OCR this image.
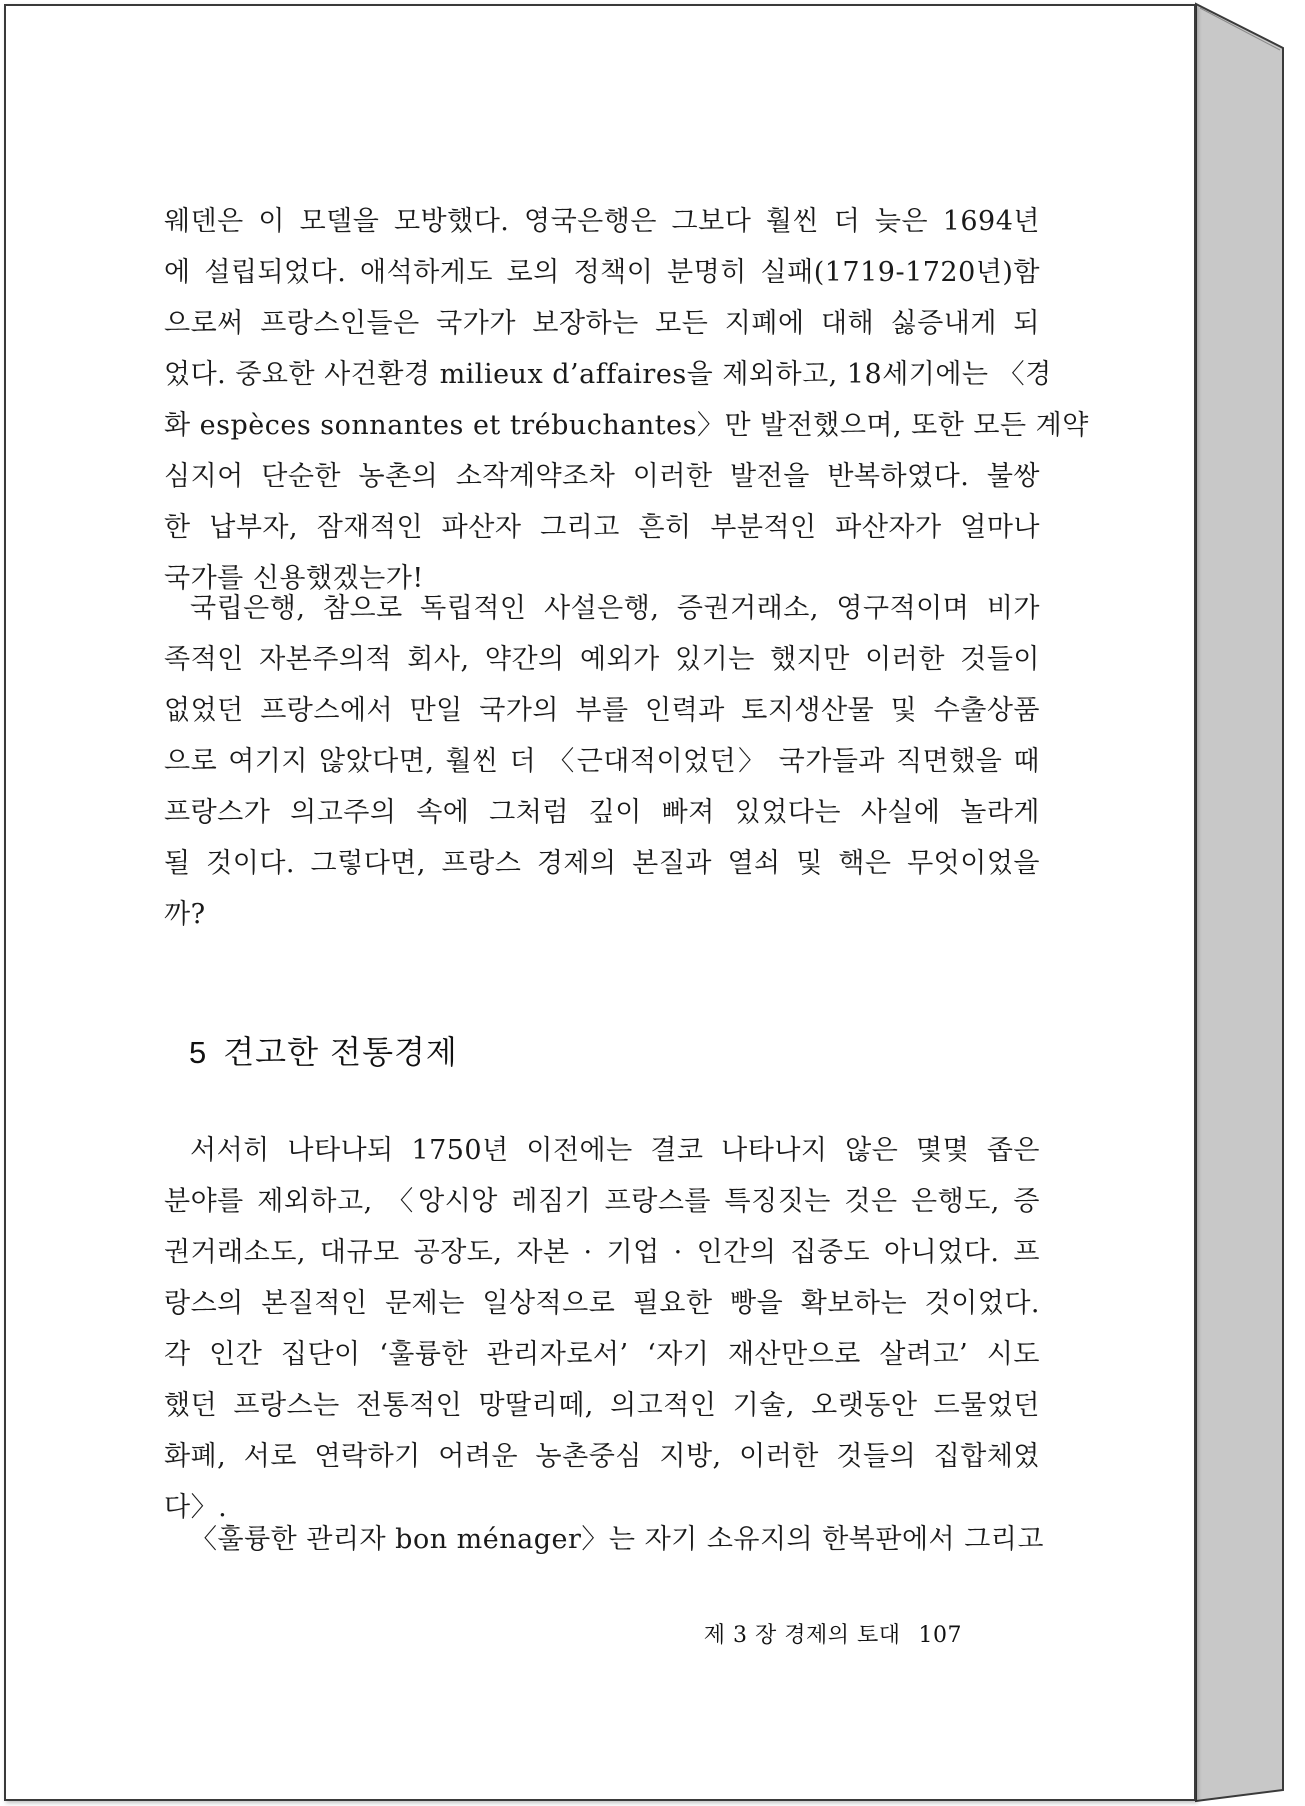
웨덴은 이 모델을 모방했다. 영국은행은 그보다 훨씬 더 늦은 1694년
에 설립되었다. 애석하게도 로의 정책이 분명히 실패(1719-1720년)함
으로써 프랑스인들은 국가가 보장하는 모든 지폐에 대해 싫증내게 되
었다. 중요한 사건환경 milieux d’affaires을 제외하고, 18세기에는 〈경
화 espèces sonnantes et trébuchantes〉만 발전했으며, 또한 모든 계약
심지어 단순한 농촌의 소작계약조차 이러한 발전을 반복하였다. 불쌍
한 납부자, 잠재적인 파산자 그리고 흔히 부분적인 파산자가 얼마나
국가를 신용했겠는가!

국립은행, 참으로 독립적인 사설은행, 증권거래소, 영구적이며 비가
족적인 자본주의적 회사, 약간의 예외가 있기는 했지만 이러한 것들이
없었던 프랑스에서 만일 국가의 부를 인력과 토지생산물 및 수출상품
으로 여기지 않았다면, 훨씬 더 〈근대적이었던〉 국가들과 직면했을 때
프랑스가 의고주의 속에 그처럼 깊이 빠져 있었다는 사실에 놀라게
될 것이다. 그렇다면, 프랑스 경제의 본질과 열쇠 및 핵은 무엇이었을
까?

5 견고한 전통경제

서서히 나타나되 1750년 이전에는 결코 나타나지 않은 몇몇 좁은
분야를 제외하고, 〈앙시앙 레짐기 프랑스를 특징짓는 것은 은행도, 증
권거래소도, 대규모 공장도, 자본 · 기업 · 인간의 집중도 아니었다. 프
랑스의 본질적인 문제는 일상적으로 필요한 빵을 확보하는 것이었다.
각 인간 집단이 ‘훌륭한 관리자로서’ ‘자기 재산만으로 살려고’ 시도
했던 프랑스는 전통적인 망딸리떼, 의고적인 기술, 오랫동안 드물었던
화폐, 서로 연락하기 어려운 농촌중심 지방, 이러한 것들의 집합체였
다〉.

〈훌륭한 관리자 bon ménager〉는 자기 소유지의 한복판에서 그리고

제 3 장 경제의 토대 107
